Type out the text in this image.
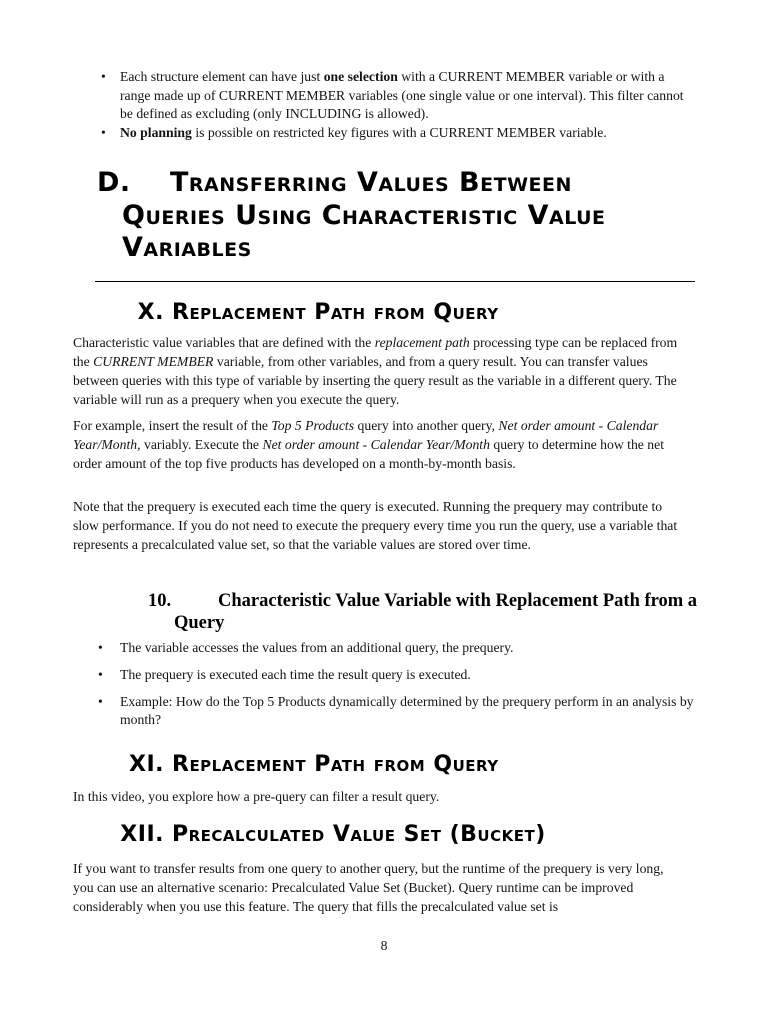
• Each structure element can have just one selection with a CURRENT MEMBER variable or with a range made up of CURRENT MEMBER variables (one single value or one interval). This filter cannot be defined as excluding (only INCLUDING is allowed).
• No planning is possible on restricted key figures with a CURRENT MEMBER variable.
D. Transferring Values Between
Queries Using Characteristic Value
Variables
X. Replacement Path from Query

Characteristic value variables that are defined with the replacement path processing type can be replaced from the CURRENT MEMBER variable, from other variables, and from a query result. You can transfer values between queries with this type of variable by inserting the query result as the variable in a different query. The variable will run as a prequery when you execute the query.

For example, insert the result of the Top 5 Products query into another query, Net order amount - Calendar Year/Month, variably. Execute the Net order amount - Calendar Year/Month query to determine how the net order amount of the top five products has developed on a month-by-month basis.

Note that the prequery is executed each time the query is executed. Running the prequery may contribute to slow performance. If you do not need to execute the prequery every time you run the query, use a variable that represents a precalculated value set, so that the variable values are stored over time.

10.	Characteristic Value Variable with Replacement Path from a Query
• The variable accesses the values from an additional query, the prequery.
• The prequery is executed each time the result query is executed.
• Example: How do the Top 5 Products dynamically determined by the prequery perform in an analysis by month?
XI. Replacement Path from Query

In this video, you explore how a pre-query can filter a result query.

XII. Precalculated Value Set (Bucket)

If you want to transfer results from one query to another query, but the runtime of the prequery is very long, you can use an alternative scenario: Precalculated Value Set (Bucket). Query runtime can be improved considerably when you use this feature. The query that fills the precalculated value set is

8
